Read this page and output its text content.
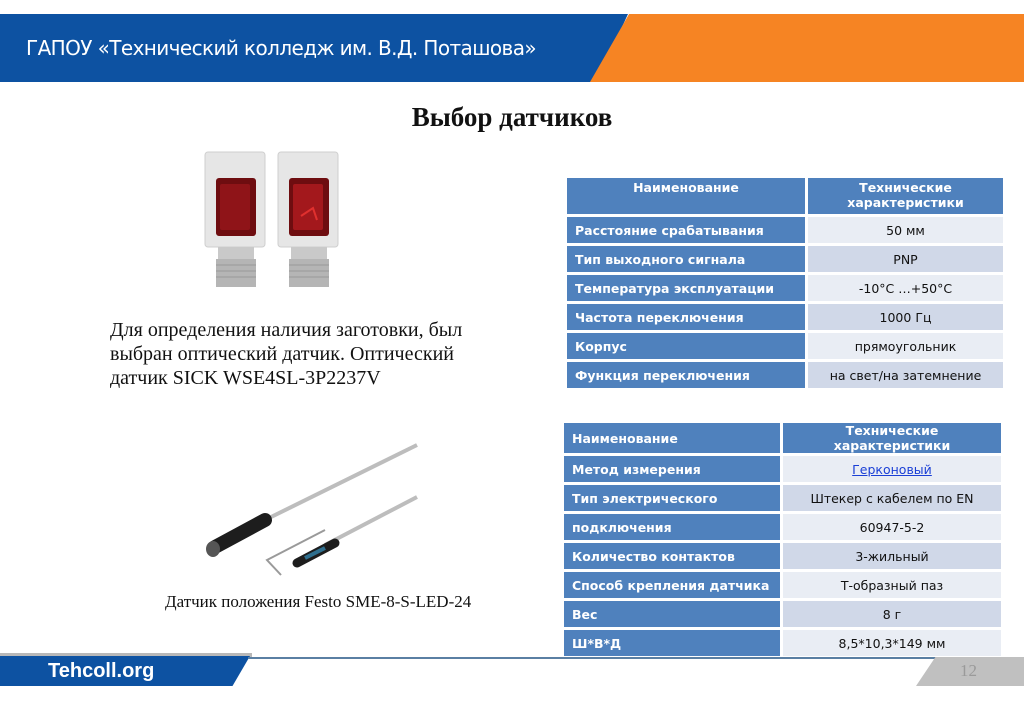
ГАПОУ «Технический колледж им. В.Д. Поташова»
Выбор датчиков
Для определения наличия заготовки, был выбран оптический датчик. Оптический датчик SICK WSE4SL-3P2237V
Датчик положения Festo SME-8-S-LED-24
Наименование	Технические характеристики
Расстояние срабатывания	50 мм
Тип выходного сигнала	PNP
Температура эксплуатации	-10°C …+50°C
Частота переключения	1000 Гц
Корпус	прямоугольник
Функция переключения	на свет/на затемнение
Наименование	Технические характеристики
Метод измерения	Герконовый
Тип электрического	Штекер с кабелем по EN
подключения	60947-5-2
Количество контактов	3-жильный
Способ крепления датчика	Т-образный паз
Вес	8 г
Ш*В*Д	8,5*10,3*149 мм
Tehcoll.org	12
